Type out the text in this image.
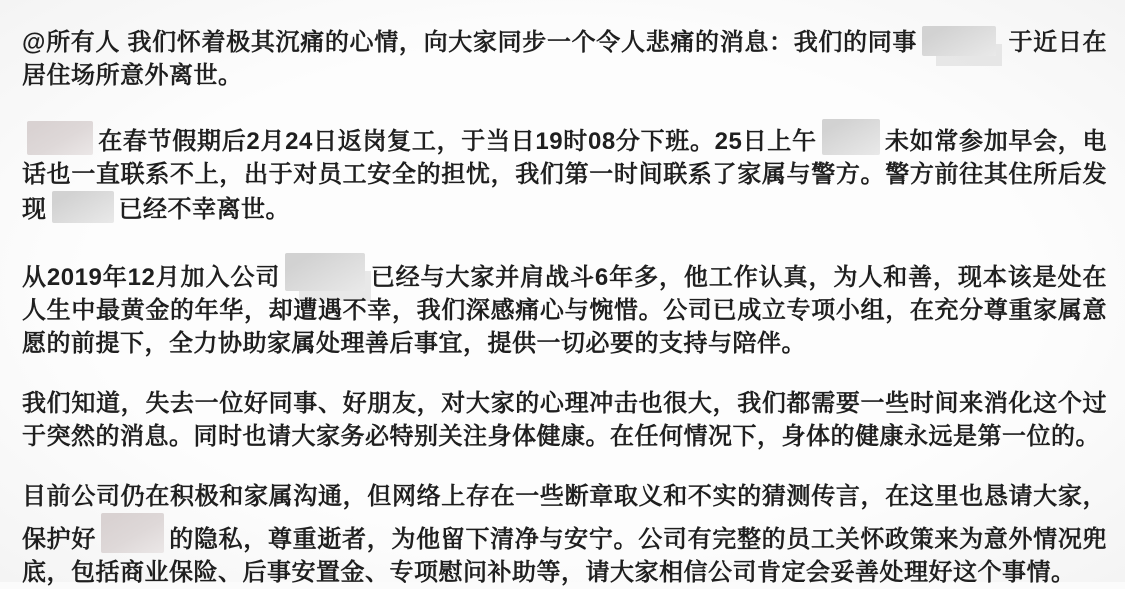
@所有人 我们怀着极其沉痛的心情，向大家同步一个令人悲痛的消息：我们的同事	于近日在居住场所意外离世。

在春节假期后2月24日返岗复工，于当日19时08分下班。25日上午	未如常参加早会，电话也一直联系不上，出于对员工安全的担忧，我们第一时间联系了家属与警方。警方前往其住所后发现	已经不幸离世。

从2019年12月加入公司	已经与大家并肩战斗6年多，他工作认真，为人和善，现本该是处在人生中最黄金的年华，却遭遇不幸，我们深感痛心与惋惜。公司已成立专项小组，在充分尊重家属意愿的前提下，全力协助家属处理善后事宜，提供一切必要的支持与陪伴。

我们知道，失去一位好同事、好朋友，对大家的心理冲击也很大，我们都需要一些时间来消化这个过于突然的消息。同时也请大家务必特别关注身体健康。在任何情况下，身体的健康永远是第一位的。

目前公司仍在积极和家属沟通，但网络上存在一些断章取义和不实的猜测传言，在这里也恳请大家，保护好	的隐私，尊重逝者，为他留下清净与安宁。公司有完整的员工关怀政策来为意外情况兜底，包括商业保险、后事安置金、专项慰问补助等，请大家相信公司肯定会妥善处理好这个事情。
